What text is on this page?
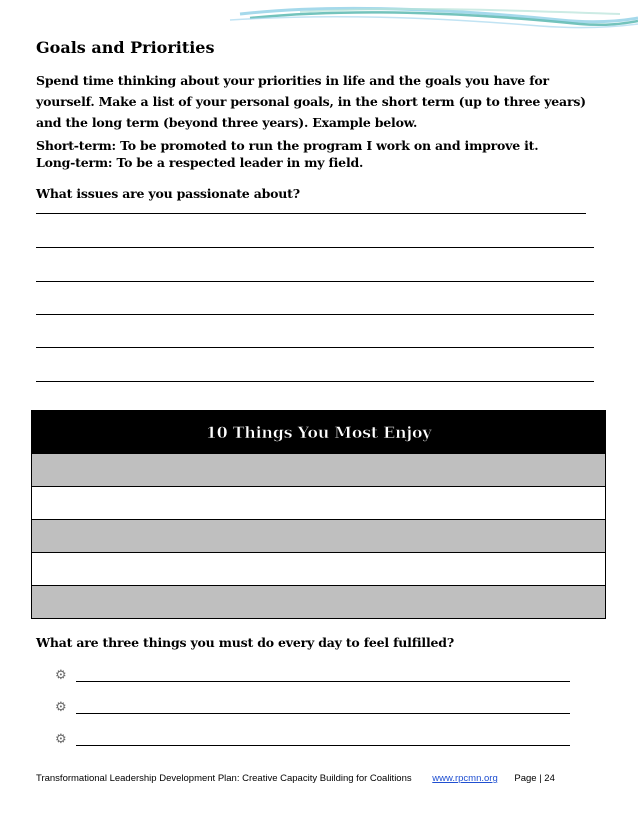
Goals and Priorities
Spend time thinking about your priorities in life and the goals you have for yourself. Make a list of your personal goals, in the short term (up to three years) and the long term (beyond three years). Example below.
Short-term: To be promoted to run the program I work on and improve it.
Long-term: To be a respected leader in my field.
What issues are you passionate about?
10 Things You Most Enjoy
What are three things you must do every day to feel fulfilled?
⚙
⚙
⚙
Transformational Leadership Development Plan: Creative Capacity Building for Coalitions www.rpcmn.org Page | 24
